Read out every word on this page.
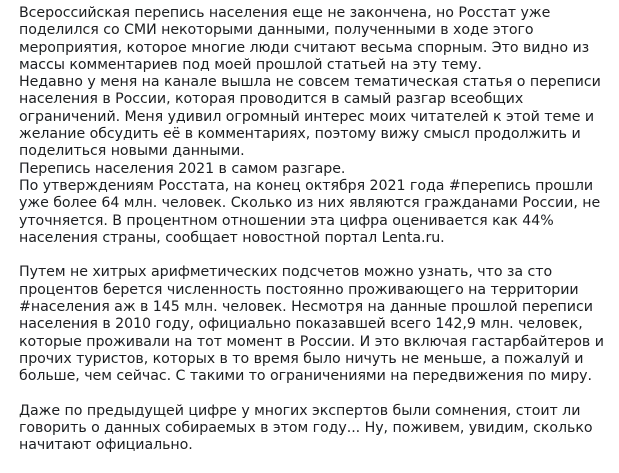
Всероссийская перепись населения еще не закончена, но Росстат уже
поделился со СМИ некоторыми данными, полученными в ходе этого
мероприятия, которое многие люди считают весьма спорным. Это видно из
массы комментариев под моей прошлой статьей на эту тему.
Недавно у меня на канале вышла не совсем тематическая статья о переписи
населения в России, которая проводится в самый разгар всеобщих
ограничений. Меня удивил огромный интерес моих читателей к этой теме и
желание обсудить её в комментариях, поэтому вижу смысл продолжить и
поделиться новыми данными.
Перепись населения 2021 в самом разгаре.
По утверждениям Росстата, на конец октября 2021 года #перепись прошли
уже более 64 млн. человек. Сколько из них являются гражданами России, не
уточняется. В процентном отношении эта цифра оценивается как 44%
населения страны, сообщает новостной портал Lenta.ru.
Путем не хитрых арифметических подсчетов можно узнать, что за сто
процентов берется численность постоянно проживающего на территории
#населения аж в 145 млн. человек. Несмотря на данные прошлой переписи
населения в 2010 году, официально показавшей всего 142,9 млн. человек,
которые проживали на тот момент в России. И это включая гастарбайтеров и
прочих туристов, которых в то время было ничуть не меньше, а пожалуй и
больше, чем сейчас. С такими то ограничениями на передвижения по миру.
Даже по предыдущей цифре у многих экспертов были сомнения, стоит ли
говорить о данных собираемых в этом году... Ну, поживем, увидим, сколько
начитают официально.
